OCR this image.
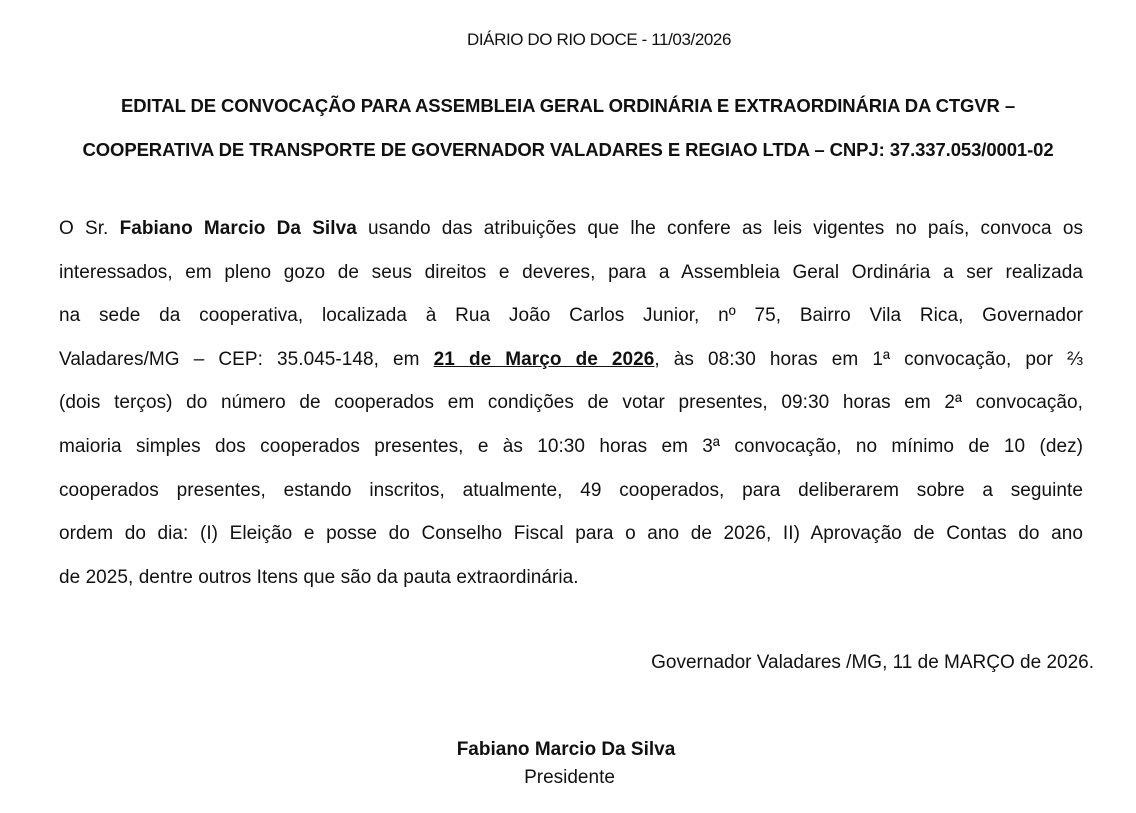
DIÁRIO DO RIO DOCE - 11/03/2026
EDITAL DE CONVOCAÇÃO PARA ASSEMBLEIA GERAL ORDINÁRIA E EXTRAORDINÁRIA DA CTGVR –
COOPERATIVA DE TRANSPORTE DE GOVERNADOR VALADARES E REGIAO LTDA – CNPJ: 37.337.053/0001-02
O Sr. Fabiano Marcio Da Silva usando das atribuições que lhe confere as leis vigentes no país, convoca os
interessados, em pleno gozo de seus direitos e deveres, para a Assembleia Geral Ordinária a ser realizada
na sede da cooperativa, localizada à Rua João Carlos Junior, nº 75, Bairro Vila Rica, Governador
Valadares/MG – CEP: 35.045-148, em 21 de Março de 2026, às 08:30 horas em 1ª convocação, por ⅔
(dois terços) do número de cooperados em condições de votar presentes, 09:30 horas em 2ª convocação,
maioria simples dos cooperados presentes, e às 10:30 horas em 3ª convocação, no mínimo de 10 (dez)
cooperados presentes, estando inscritos, atualmente, 49 cooperados, para deliberarem sobre a seguinte
ordem do dia: (I) Eleição e posse do Conselho Fiscal para o ano de 2026, II) Aprovação de Contas do ano
de 2025, dentre outros Itens que são da pauta extraordinária.
Governador Valadares /MG, 11 de MARÇO de 2026.
Fabiano Marcio Da Silva
Presidente
